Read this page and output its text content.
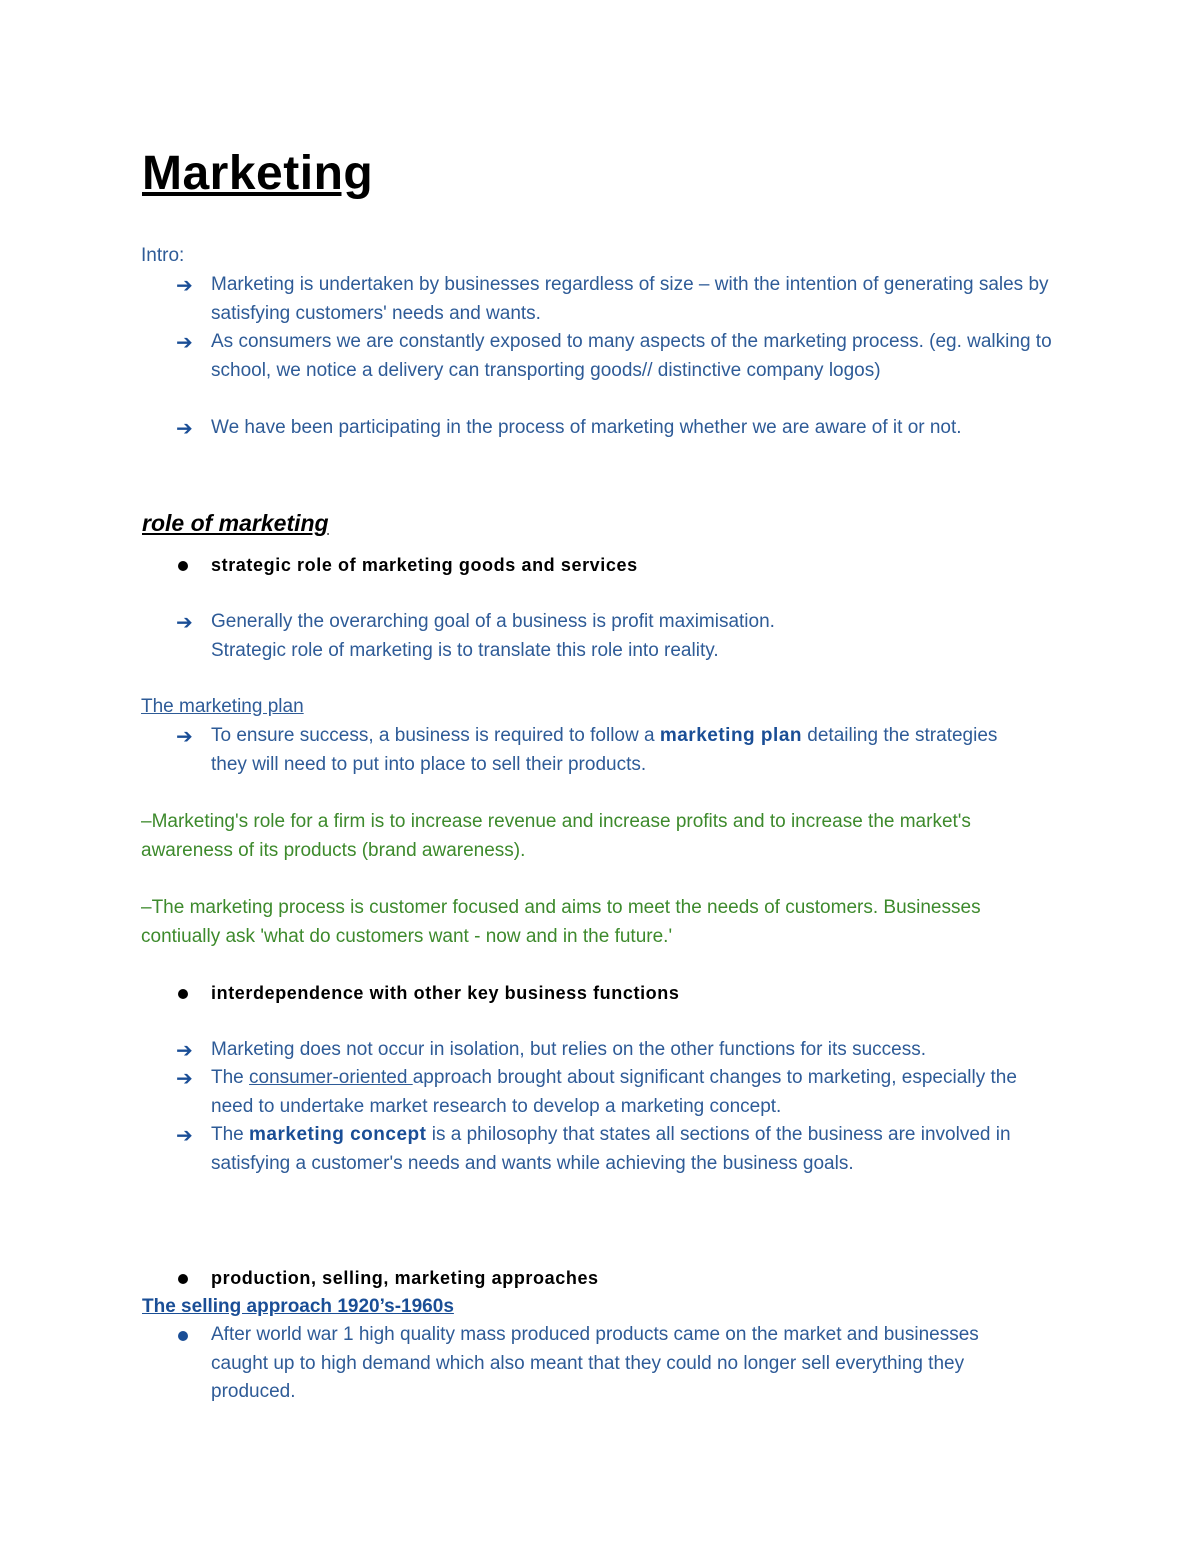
Marketing
Intro:
➔ Marketing is undertaken by businesses regardless of size – with the intention of generating sales by satisfying customers' needs and wants.
➔ As consumers we are constantly exposed to many aspects of the marketing process. (eg. walking to school, we notice a delivery can transporting goods// distinctive company logos)
➔ We have been participating in the process of marketing whether we are aware of it or not.
role of marketing
strategic role of marketing goods and services
➔ Generally the overarching goal of a business is profit maximisation.
Strategic role of marketing is to translate this role into reality.
The marketing plan
➔ To ensure success, a business is required to follow a marketing plan detailing the strategies they will need to put into place to sell their products.
–Marketing's role for a firm is to increase revenue and increase profits and to increase the market's awareness of its products (brand awareness).
–The marketing process is customer focused and aims to meet the needs of customers. Businesses contiually ask 'what do customers want - now and in the future.'
interdependence with other key business functions
➔ Marketing does not occur in isolation, but relies on the other functions for its success.
➔ The consumer-oriented approach brought about significant changes to marketing, especially the need to undertake market research to develop a marketing concept.
➔ The marketing concept is a philosophy that states all sections of the business are involved in satisfying a customer's needs and wants while achieving the business goals.
production, selling, marketing approaches
The selling approach 1920’s-1960s
After world war 1 high quality mass produced products came on the market and businesses caught up to high demand which also meant that they could no longer sell everything they produced.
